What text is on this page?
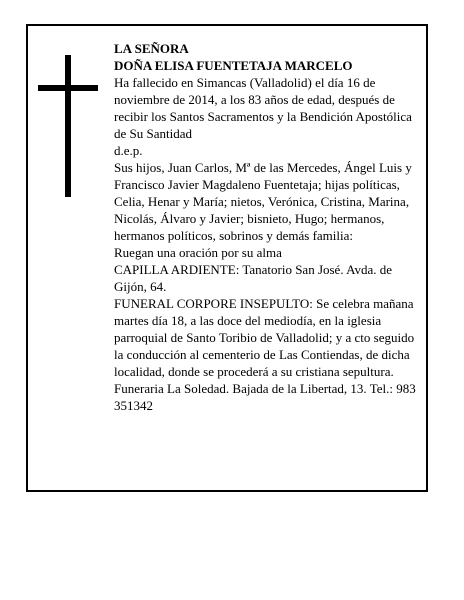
LA SEÑORA

DOÑA ELISA FUENTETAJA MARCELO

Ha fallecido en Simancas (Valladolid) el día 16 de noviembre de 2014, a los 83 años de edad, después de recibir los Santos Sacramentos y la Bendición Apostólica de Su Santidad

d.e.p.

Sus hijos, Juan Carlos, Mª de las Mercedes, Ángel Luis y Francisco Javier Magdaleno Fuentetaja; hijas políticas, Celia, Henar y María; nietos, Verónica, Cristina, Marina, Nicolás, Álvaro y Javier; bisnieto, Hugo; hermanos, hermanos políticos, sobrinos y demás familia:

Ruegan una oración por su alma

CAPILLA ARDIENTE: Tanatorio San José. Avda. de Gijón, 64.

FUNERAL CORPORE INSEPULTO: Se celebra mañana martes día 18, a las doce del mediodía, en la iglesia parroquial de Santo Toribio de Valladolid; y a cto seguido la conducción al cementerio de Las Contiendas, de dicha localidad, donde se procederá a su cristiana sepultura.

Funeraria La Soledad. Bajada de la Libertad, 13. Tel.: 983 351342
